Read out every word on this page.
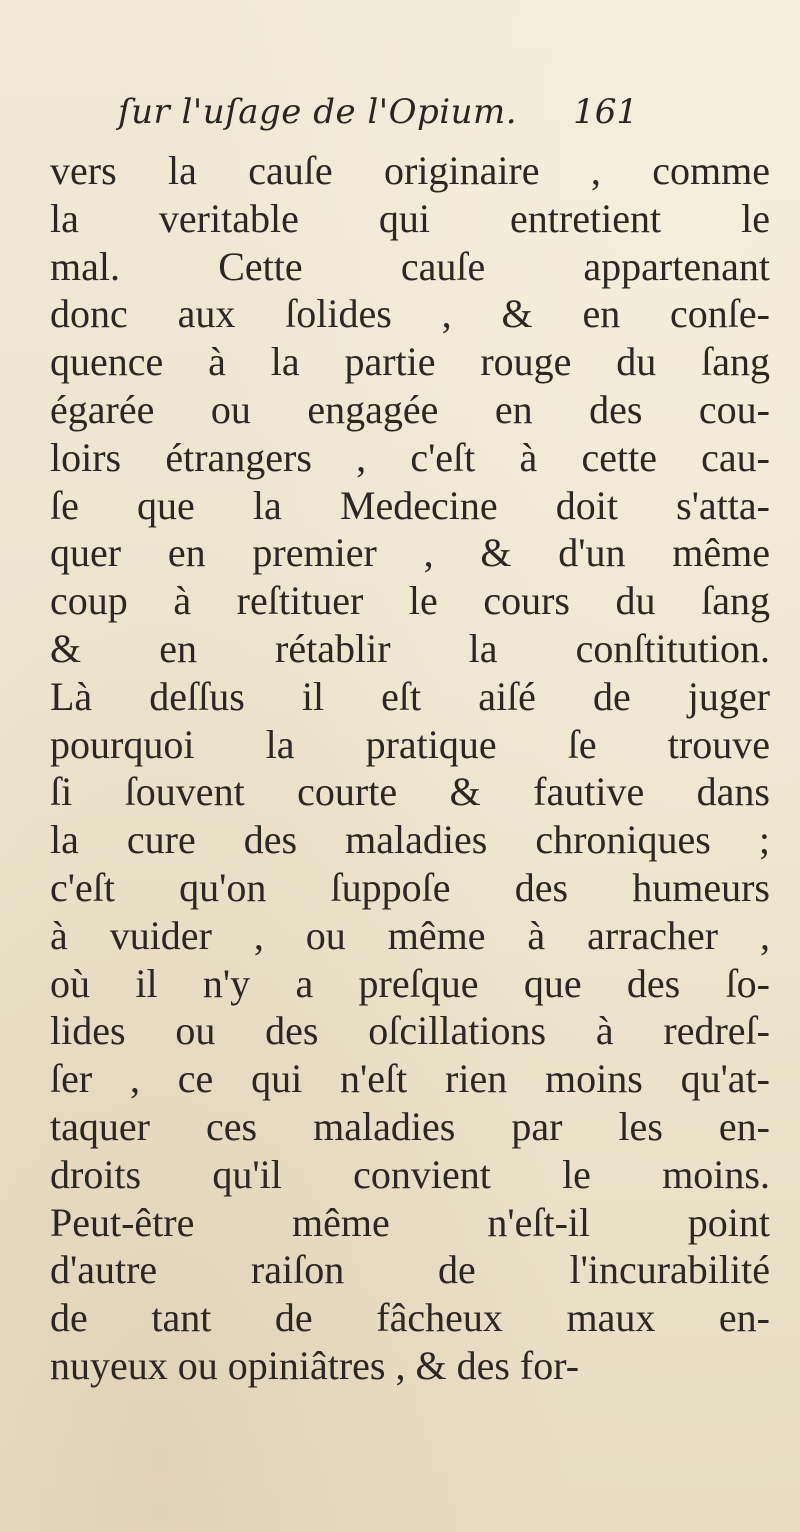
ſur l'uſage de l'Opium. 161
vers la cauſe originaire , comme
la veritable qui entretient le
mal. Cette cauſe appartenant
donc aux ſolides , & en conſe-
quence à la partie rouge du ſang
égarée ou engagée en des cou-
loirs étrangers , c'eſt à cette cau-
ſe que la Medecine doit s'atta-
quer en premier , & d'un même
coup à reſtituer le cours du ſang
& en rétablir la conſtitution.
Là deſſus il eſt aiſé de juger
pourquoi la pratique ſe trouve
ſi ſouvent courte & fautive dans
la cure des maladies chroniques ;
c'eſt qu'on ſuppoſe des humeurs
à vuider , ou même à arracher ,
où il n'y a preſque que des ſo-
lides ou des oſcillations à redreſ-
ſer , ce qui n'eſt rien moins qu'at-
taquer ces maladies par les en-
droits qu'il convient le moins.
Peut-être même n'eſt-il point
d'autre raiſon de l'incurabilité
de tant de fâcheux maux en-
nuyeux ou opiniâtres , & des for-
